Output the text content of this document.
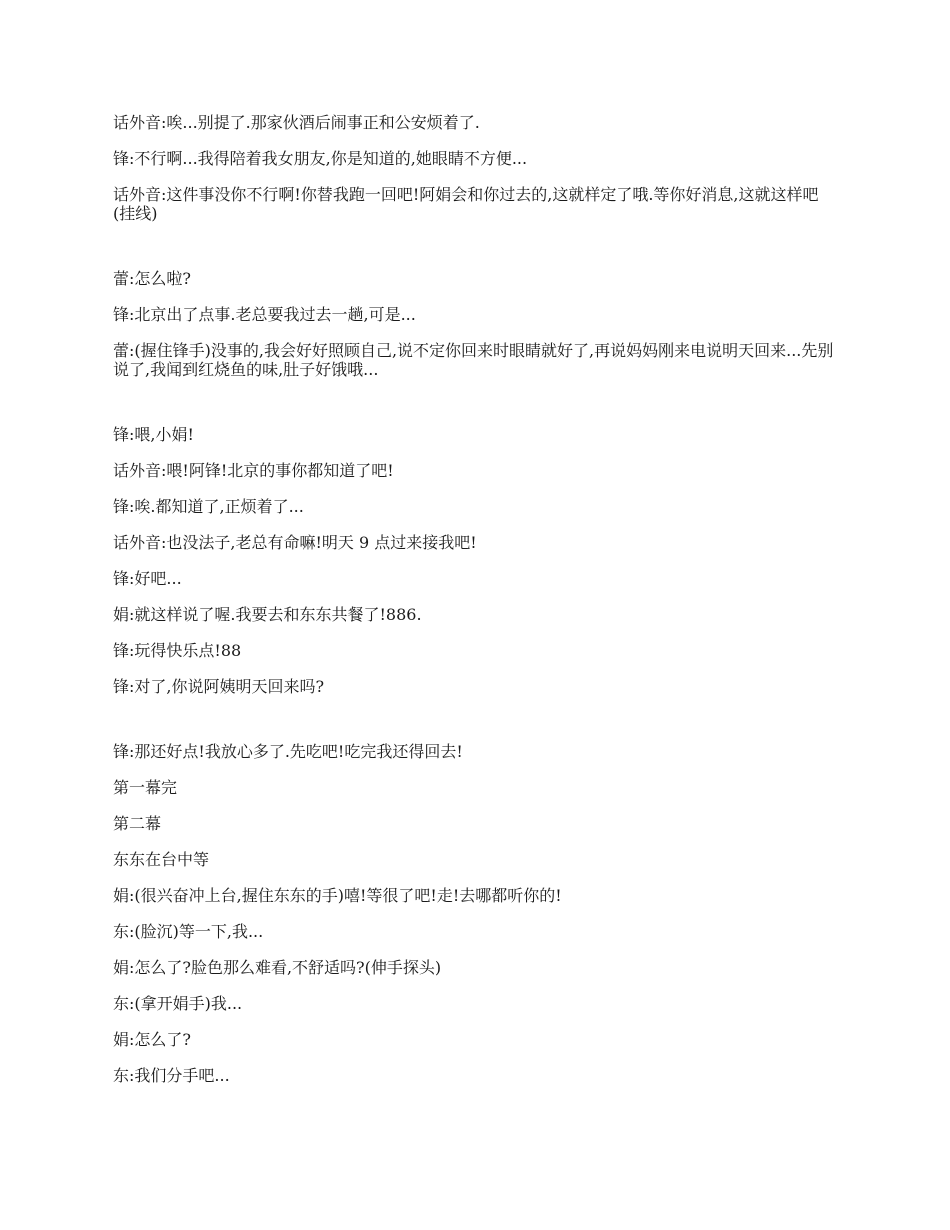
话外音:唉...别提了.那家伙酒后闹事正和公安烦着了.

锋:不行啊...我得陪着我女朋友,你是知道的,她眼睛不方便...

话外音:这件事没你不行啊!你替我跑一回吧!阿娟会和你过去的,这就样定了哦.等你好消息,这就这样吧(挂线)

蕾:怎么啦?

锋:北京出了点事.老总要我过去一趟,可是...

蕾:(握住锋手)没事的,我会好好照顾自己,说不定你回来时眼睛就好了,再说妈妈刚来电说明天回来...先别说了,我闻到红烧鱼的味,肚子好饿哦...

锋:喂,小娟!

话外音:喂!阿锋!北京的事你都知道了吧!

锋:唉.都知道了,正烦着了...

话外音:也没法子,老总有命嘛!明天 9 点过来接我吧!

锋:好吧...

娟:就这样说了喔.我要去和东东共餐了!886.

锋:玩得快乐点!88

锋:对了,你说阿姨明天回来吗?

锋:那还好点!我放心多了.先吃吧!吃完我还得回去!

第一幕完

第二幕

东东在台中等

娟:(很兴奋冲上台,握住东东的手)嘻!等很了吧!走!去哪都听你的!

东:(脸沉)等一下,我...

娟:怎么了?脸色那么难看,不舒适吗?(伸手探头)

东:(拿开娟手)我...

娟:怎么了?

东:我们分手吧...
